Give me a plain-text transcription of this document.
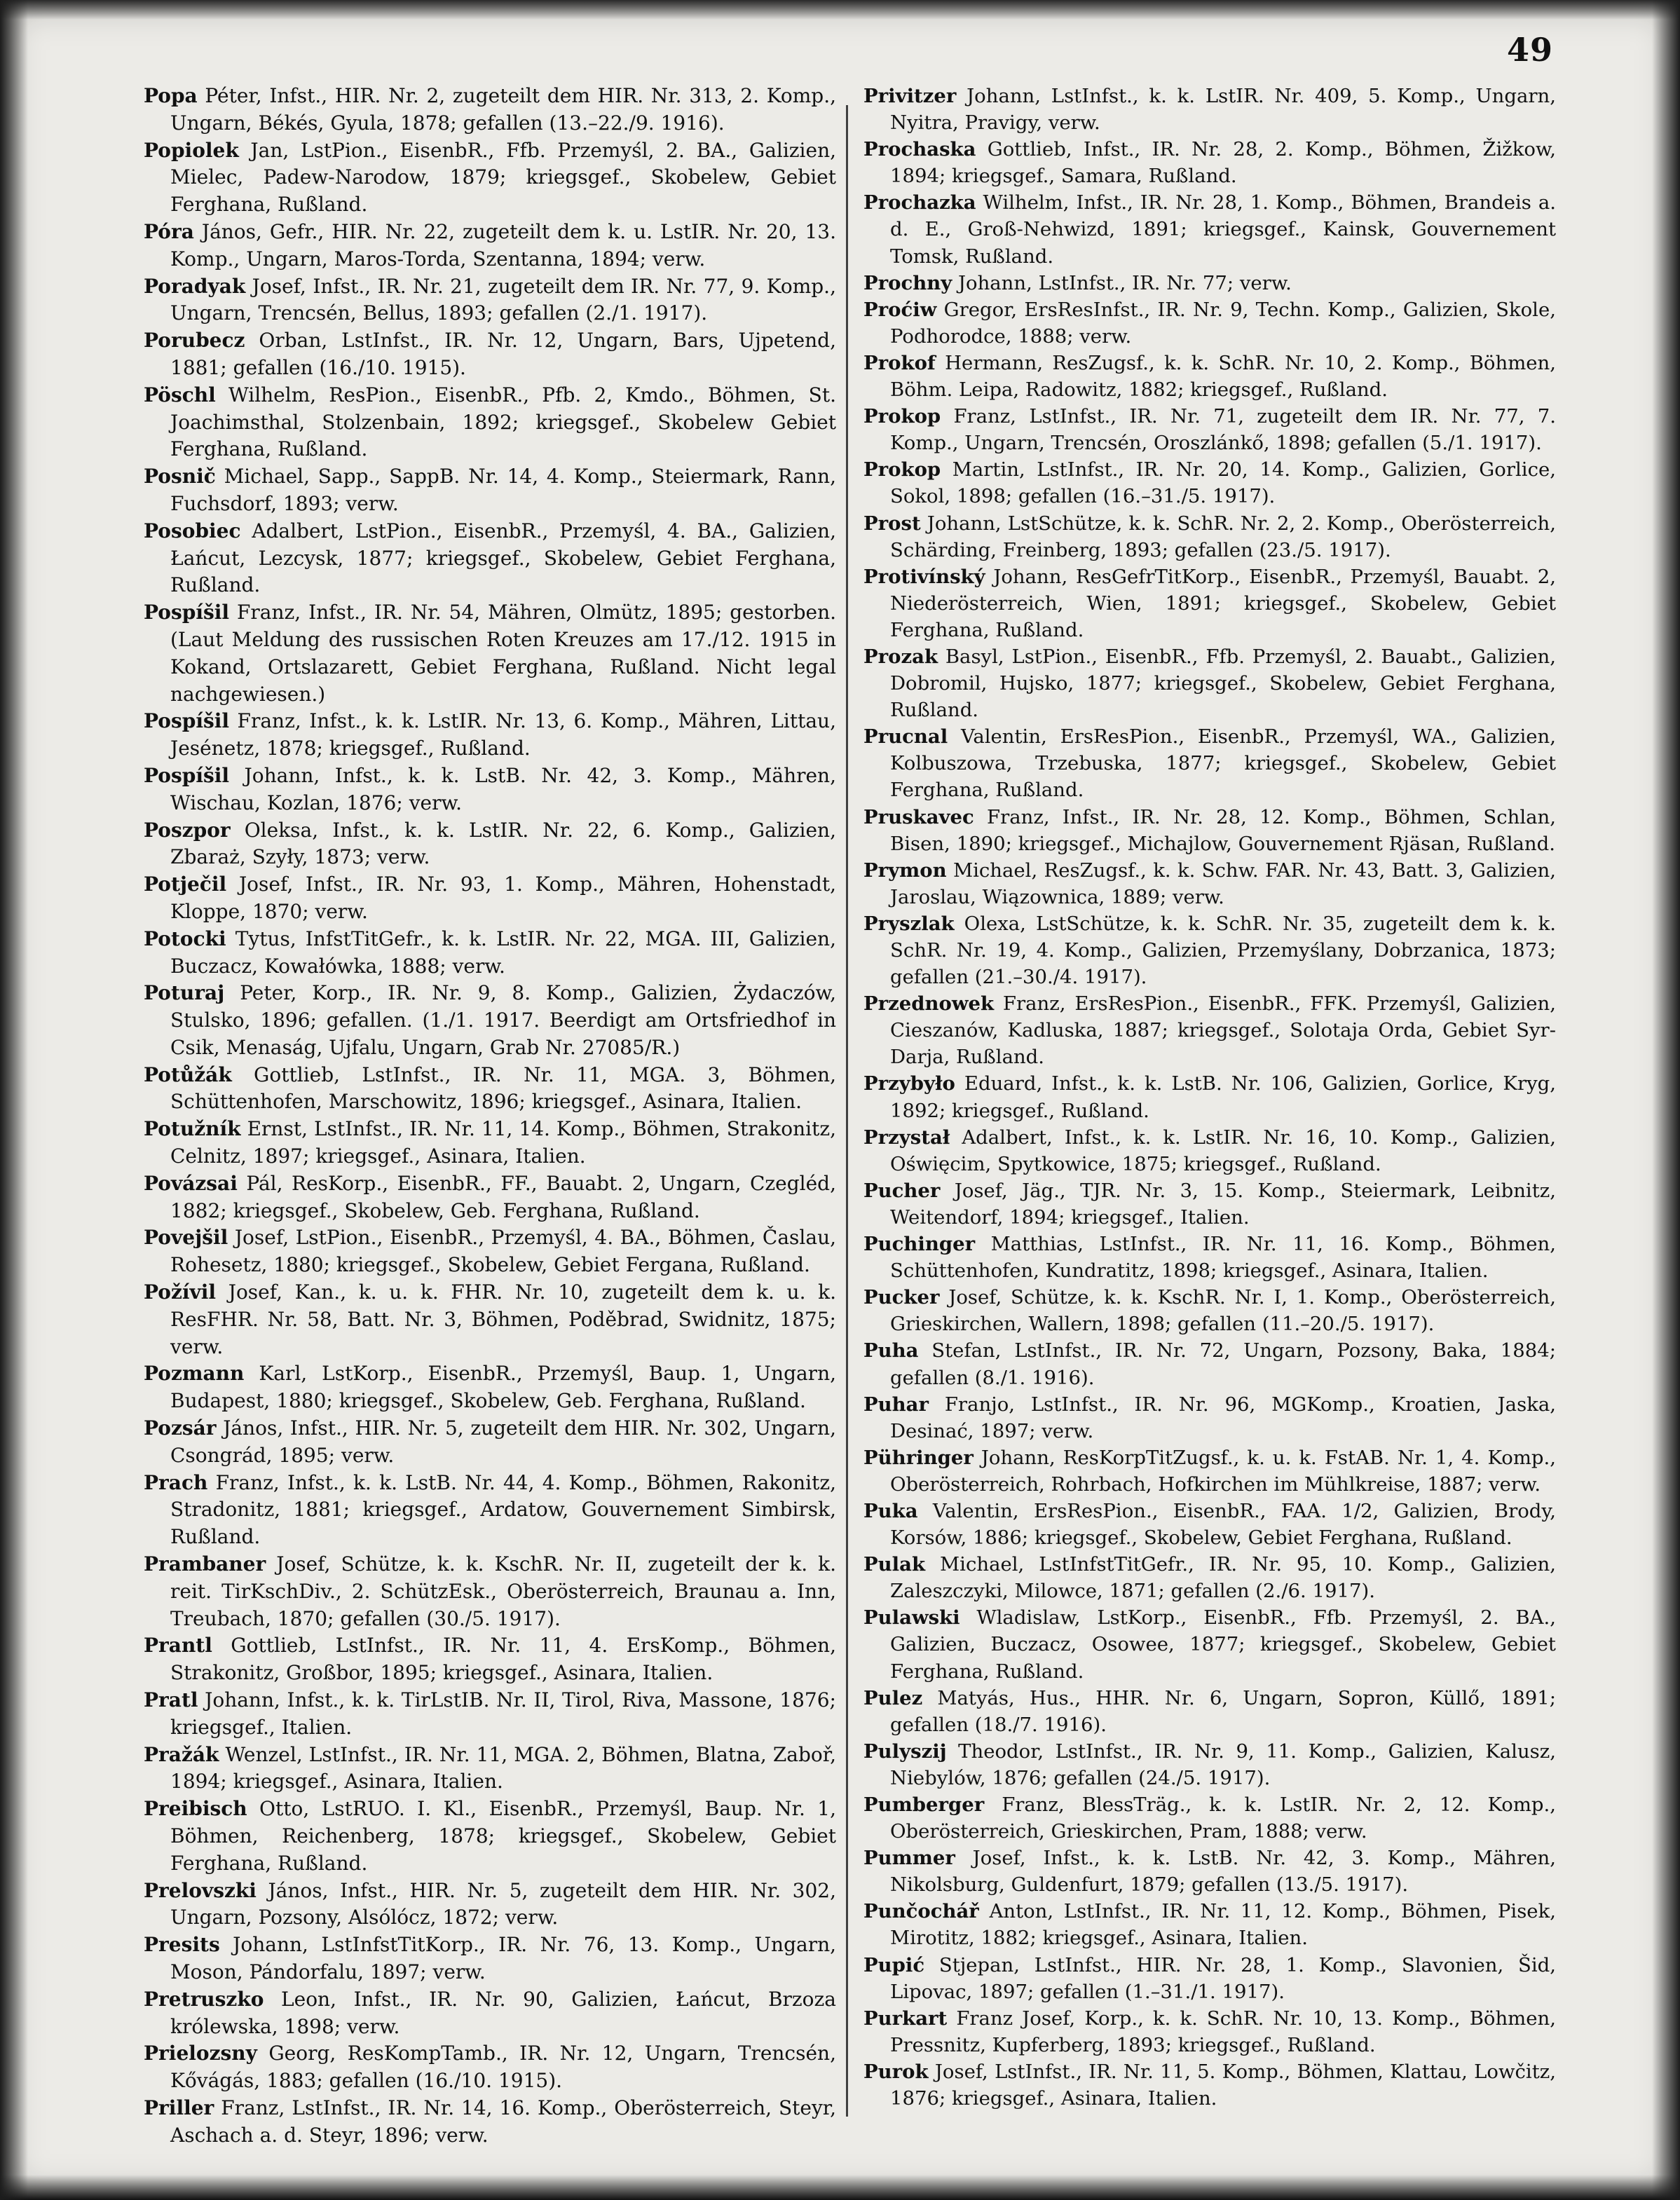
49

Popa Péter, Infst., HIR. Nr. 2, zugeteilt dem HIR. Nr. 313, 2. Komp., Ungarn, Békés, Gyula, 1878; gefallen (13.–22./9. 1916).

Popiolek Jan, LstPion., EisenbR., Ffb. Przemyśl, 2. BA., Galizien, Mielec, Padew-Narodow, 1879; kriegsgef., Skobelew, Gebiet Ferghana, Rußland.

Póra János, Gefr., HIR. Nr. 22, zugeteilt dem k. u. LstIR. Nr. 20, 13. Komp., Ungarn, Maros-Torda, Szentanna, 1894; verw.

Poradyak Josef, Infst., IR. Nr. 21, zugeteilt dem IR. Nr. 77, 9. Komp., Ungarn, Trencsén, Bellus, 1893; gefallen (2./1. 1917).

Porubecz Orban, LstInfst., IR. Nr. 12, Ungarn, Bars, Ujpetend, 1881; gefallen (16./10. 1915).

Pöschl Wilhelm, ResPion., EisenbR., Pfb. 2, Kmdo., Böhmen, St. Joachimsthal, Stolzenbain, 1892; kriegsgef., Skobelew Gebiet Ferghana, Rußland.

Posnič Michael, Sapp., SappB. Nr. 14, 4. Komp., Steiermark, Rann, Fuchsdorf, 1893; verw.

Posobiec Adalbert, LstPion., EisenbR., Przemyśl, 4. BA., Galizien, Łańcut, Lezcysk, 1877; kriegsgef., Skobelew, Gebiet Ferghana, Rußland.

Pospíšil Franz, Infst., IR. Nr. 54, Mähren, Olmütz, 1895; gestorben. (Laut Meldung des russischen Roten Kreuzes am 17./12. 1915 in Kokand, Ortslazarett, Gebiet Ferghana, Rußland. Nicht legal nachgewiesen.)

Pospíšil Franz, Infst., k. k. LstIR. Nr. 13, 6. Komp., Mähren, Littau, Jesénetz, 1878; kriegsgef., Rußland.

Pospíšil Johann, Infst., k. k. LstB. Nr. 42, 3. Komp., Mähren, Wischau, Kozlan, 1876; verw.

Poszpor Oleksa, Infst., k. k. LstIR. Nr. 22, 6. Komp., Galizien, Zbaraż, Szyły, 1873; verw.

Potječil Josef, Infst., IR. Nr. 93, 1. Komp., Mähren, Hohenstadt, Kloppe, 1870; verw.

Potocki Tytus, InfstTitGefr., k. k. LstIR. Nr. 22, MGA. III, Galizien, Buczacz, Kowałówka, 1888; verw.

Poturaj Peter, Korp., IR. Nr. 9, 8. Komp., Galizien, Żydaczów, Stulsko, 1896; gefallen. (1./1. 1917. Beerdigt am Ortsfriedhof in Csik, Menaság, Ujfalu, Ungarn, Grab Nr. 27085/R.)

Potůžák Gottlieb, LstInfst., IR. Nr. 11, MGA. 3, Böhmen, Schüttenhofen, Marschowitz, 1896; kriegsgef., Asinara, Italien.

Potužník Ernst, LstInfst., IR. Nr. 11, 14. Komp., Böhmen, Strakonitz, Celnitz, 1897; kriegsgef., Asinara, Italien.

Povázsai Pál, ResKorp., EisenbR., FF., Bauabt. 2, Ungarn, Czegléd, 1882; kriegsgef., Skobelew, Geb. Ferghana, Rußland.

Povejšil Josef, LstPion., EisenbR., Przemyśl, 4. BA., Böhmen, Časlau, Rohesetz, 1880; kriegsgef., Skobelew, Gebiet Fergana, Rußland.

Požívil Josef, Kan., k. u. k. FHR. Nr. 10, zugeteilt dem k. u. k. ResFHR. Nr. 58, Batt. Nr. 3, Böhmen, Poděbrad, Swidnitz, 1875; verw.

Pozmann Karl, LstKorp., EisenbR., Przemyśl, Baup. 1, Ungarn, Budapest, 1880; kriegsgef., Skobelew, Geb. Ferghana, Rußland.

Pozsár János, Infst., HIR. Nr. 5, zugeteilt dem HIR. Nr. 302, Ungarn, Csongrád, 1895; verw.

Prach Franz, Infst., k. k. LstB. Nr. 44, 4. Komp., Böhmen, Rakonitz, Stradonitz, 1881; kriegsgef., Ardatow, Gouvernement Simbirsk, Rußland.

Prambaner Josef, Schütze, k. k. KschR. Nr. II, zugeteilt der k. k. reit. TirKschDiv., 2. SchützEsk., Oberösterreich, Braunau a. Inn, Treubach, 1870; gefallen (30./5. 1917).

Prantl Gottlieb, LstInfst., IR. Nr. 11, 4. ErsKomp., Böhmen, Strakonitz, Großbor, 1895; kriegsgef., Asinara, Italien.

Pratl Johann, Infst., k. k. TirLstIB. Nr. II, Tirol, Riva, Massone, 1876; kriegsgef., Italien.

Pražák Wenzel, LstInfst., IR. Nr. 11, MGA. 2, Böhmen, Blatna, Zaboř, 1894; kriegsgef., Asinara, Italien.

Preibisch Otto, LstRUO. I. Kl., EisenbR., Przemyśl, Baup. Nr. 1, Böhmen, Reichenberg, 1878; kriegsgef., Skobelew, Gebiet Ferghana, Rußland.

Prelovszki János, Infst., HIR. Nr. 5, zugeteilt dem HIR. Nr. 302, Ungarn, Pozsony, Alsólócz, 1872; verw.

Presits Johann, LstInfstTitKorp., IR. Nr. 76, 13. Komp., Ungarn, Moson, Pándorfalu, 1897; verw.

Pretruszko Leon, Infst., IR. Nr. 90, Galizien, Łańcut, Brzoza królewska, 1898; verw.

Prielozsny Georg, ResKompTamb., IR. Nr. 12, Ungarn, Trencsén, Kővágás, 1883; gefallen (16./10. 1915).

Priller Franz, LstInfst., IR. Nr. 14, 16. Komp., Oberösterreich, Steyr, Aschach a. d. Steyr, 1896; verw.

Privitzer Johann, LstInfst., k. k. LstIR. Nr. 409, 5. Komp., Ungarn, Nyitra, Pravigy, verw.

Prochaska Gottlieb, Infst., IR. Nr. 28, 2. Komp., Böhmen, Žižkow, 1894; kriegsgef., Samara, Rußland.

Prochazka Wilhelm, Infst., IR. Nr. 28, 1. Komp., Böhmen, Brandeis a. d. E., Groß-Nehwizd, 1891; kriegsgef., Kainsk, Gouvernement Tomsk, Rußland.

Prochny Johann, LstInfst., IR. Nr. 77; verw.

Proćiw Gregor, ErsResInfst., IR. Nr. 9, Techn. Komp., Galizien, Skole, Podhorodce, 1888; verw.

Prokof Hermann, ResZugsf., k. k. SchR. Nr. 10, 2. Komp., Böhmen, Böhm. Leipa, Radowitz, 1882; kriegsgef., Rußland.

Prokop Franz, LstInfst., IR. Nr. 71, zugeteilt dem IR. Nr. 77, 7. Komp., Ungarn, Trencsén, Oroszlánkő, 1898; gefallen (5./1. 1917).

Prokop Martin, LstInfst., IR. Nr. 20, 14. Komp., Galizien, Gorlice, Sokol, 1898; gefallen (16.–31./5. 1917).

Prost Johann, LstSchütze, k. k. SchR. Nr. 2, 2. Komp., Oberösterreich, Schärding, Freinberg, 1893; gefallen (23./5. 1917).

Protivínský Johann, ResGefrTitKorp., EisenbR., Przemyśl, Bauabt. 2, Niederösterreich, Wien, 1891; kriegsgef., Skobelew, Gebiet Ferghana, Rußland.

Prozak Basyl, LstPion., EisenbR., Ffb. Przemyśl, 2. Bauabt., Galizien, Dobromil, Hujsko, 1877; kriegsgef., Skobelew, Gebiet Ferghana, Rußland.

Prucnal Valentin, ErsResPion., EisenbR., Przemyśl, WA., Galizien, Kolbuszowa, Trzebuska, 1877; kriegsgef., Skobelew, Gebiet Ferghana, Rußland.

Pruskavec Franz, Infst., IR. Nr. 28, 12. Komp., Böhmen, Schlan, Bisen, 1890; kriegsgef., Michajlow, Gouvernement Rjäsan, Rußland.

Prymon Michael, ResZugsf., k. k. Schw. FAR. Nr. 43, Batt. 3, Galizien, Jaroslau, Wiązownica, 1889; verw.

Pryszlak Olexa, LstSchütze, k. k. SchR. Nr. 35, zugeteilt dem k. k. SchR. Nr. 19, 4. Komp., Galizien, Przemyślany, Dobrzanica, 1873; gefallen (21.–30./4. 1917).

Przednowek Franz, ErsResPion., EisenbR., FFK. Przemyśl, Galizien, Cieszanów, Kadluska, 1887; kriegsgef., Solotaja Orda, Gebiet Syr-Darja, Rußland.

Przybyło Eduard, Infst., k. k. LstB. Nr. 106, Galizien, Gorlice, Kryg, 1892; kriegsgef., Rußland.

Przystał Adalbert, Infst., k. k. LstIR. Nr. 16, 10. Komp., Galizien, Oświęcim, Spytkowice, 1875; kriegsgef., Rußland.

Pucher Josef, Jäg., TJR. Nr. 3, 15. Komp., Steiermark, Leibnitz, Weitendorf, 1894; kriegsgef., Italien.

Puchinger Matthias, LstInfst., IR. Nr. 11, 16. Komp., Böhmen, Schüttenhofen, Kundratitz, 1898; kriegsgef., Asinara, Italien.

Pucker Josef, Schütze, k. k. KschR. Nr. I, 1. Komp., Oberösterreich, Grieskirchen, Wallern, 1898; gefallen (11.–20./5. 1917).

Puha Stefan, LstInfst., IR. Nr. 72, Ungarn, Pozsony, Baka, 1884; gefallen (8./1. 1916).

Puhar Franjo, LstInfst., IR. Nr. 96, MGKomp., Kroatien, Jaska, Desinać, 1897; verw.

Pühringer Johann, ResKorpTitZugsf., k. u. k. FstAB. Nr. 1, 4. Komp., Oberösterreich, Rohrbach, Hofkirchen im Mühlkreise, 1887; verw.

Puka Valentin, ErsResPion., EisenbR., FAA. 1/2, Galizien, Brody, Korsów, 1886; kriegsgef., Skobelew, Gebiet Ferghana, Rußland.

Pulak Michael, LstInfstTitGefr., IR. Nr. 95, 10. Komp., Galizien, Zaleszczyki, Milowce, 1871; gefallen (2./6. 1917).

Pulawski Wladislaw, LstKorp., EisenbR., Ffb. Przemyśl, 2. BA., Galizien, Buczacz, Osowee, 1877; kriegsgef., Skobelew, Gebiet Ferghana, Rußland.

Pulez Matyás, Hus., HHR. Nr. 6, Ungarn, Sopron, Küllő, 1891; gefallen (18./7. 1916).

Pulyszij Theodor, LstInfst., IR. Nr. 9, 11. Komp., Galizien, Kalusz, Niebylów, 1876; gefallen (24./5. 1917).

Pumberger Franz, BlessTräg., k. k. LstIR. Nr. 2, 12. Komp., Oberösterreich, Grieskirchen, Pram, 1888; verw.

Pummer Josef, Infst., k. k. LstB. Nr. 42, 3. Komp., Mähren, Nikolsburg, Guldenfurt, 1879; gefallen (13./5. 1917).

Punčochář Anton, LstInfst., IR. Nr. 11, 12. Komp., Böhmen, Pisek, Mirotitz, 1882; kriegsgef., Asinara, Italien.

Pupić Stjepan, LstInfst., HIR. Nr. 28, 1. Komp., Slavonien, Šid, Lipovac, 1897; gefallen (1.–31./1. 1917).

Purkart Franz Josef, Korp., k. k. SchR. Nr. 10, 13. Komp., Böhmen, Pressnitz, Kupferberg, 1893; kriegsgef., Rußland.

Purok Josef, LstInfst., IR. Nr. 11, 5. Komp., Böhmen, Klattau, Lowčitz, 1876; kriegsgef., Asinara, Italien.
